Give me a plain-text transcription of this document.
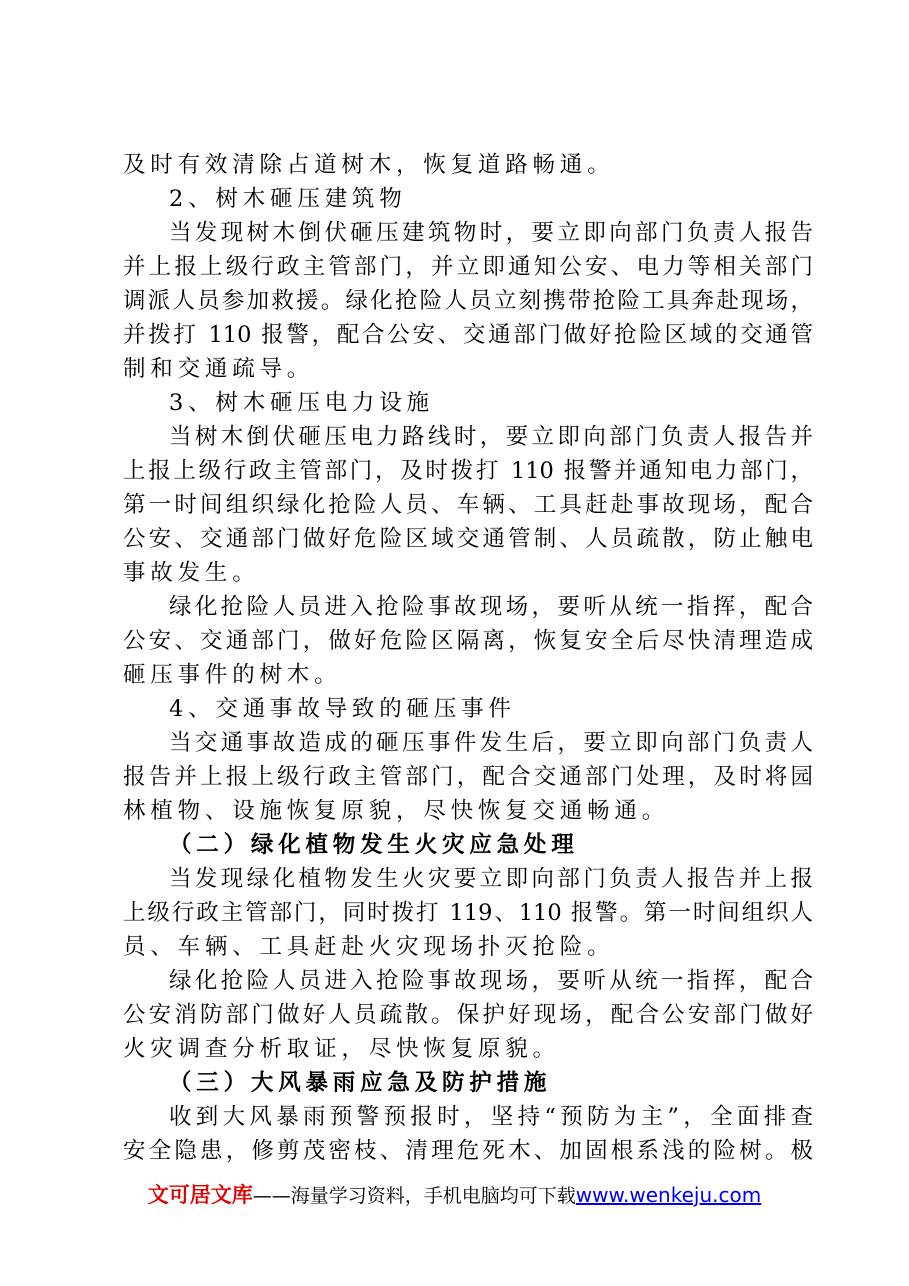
及时有效清除占道树木，恢复道路畅通。
2、树木砸压建筑物
当发现树木倒伏砸压建筑物时，要立即向部门负责人报告
并上报上级行政主管部门，并立即通知公安、电力等相关部门
调派人员参加救援。绿化抢险人员立刻携带抢险工具奔赴现场，
并拨打 110 报警，配合公安、交通部门做好抢险区域的交通管
制和交通疏导。
3、树木砸压电力设施
当树木倒伏砸压电力路线时，要立即向部门负责人报告并
上报上级行政主管部门，及时拨打 110 报警并通知电力部门，
第一时间组织绿化抢险人员、车辆、工具赶赴事故现场，配合
公安、交通部门做好危险区域交通管制、人员疏散，防止触电
事故发生。
绿化抢险人员进入抢险事故现场，要听从统一指挥，配合
公安、交通部门，做好危险区隔离，恢复安全后尽快清理造成
砸压事件的树木。
4、交通事故导致的砸压事件
当交通事故造成的砸压事件发生后，要立即向部门负责人
报告并上报上级行政主管部门，配合交通部门处理，及时将园
林植物、设施恢复原貌，尽快恢复交通畅通。
（二）绿化植物发生火灾应急处理
当发现绿化植物发生火灾要立即向部门负责人报告并上报
上级行政主管部门，同时拨打 119、110 报警。第一时间组织人
员、车辆、工具赶赴火灾现场扑灭抢险。
绿化抢险人员进入抢险事故现场，要听从统一指挥，配合
公安消防部门做好人员疏散。保护好现场，配合公安部门做好
火灾调查分析取证，尽快恢复原貌。
（三）大风暴雨应急及防护措施
收到大风暴雨预警预报时，坚持“预防为主”，全面排查
安全隐患，修剪茂密枝、清理危死木、加固根系浅的险树。极
文可居文库——海量学习资料，手机电脑均可下载www.wenkeju.com
